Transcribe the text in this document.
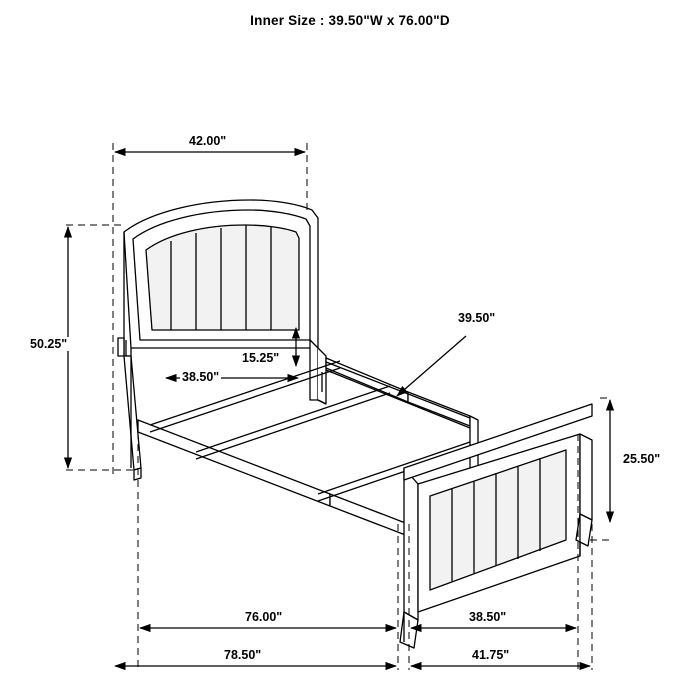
Inner Size : 39.50"W x 76.00"D
42.00"
50.25"
38.50"
15.25"
39.50"
25.50"
76.00"	38.50"
78.50"	41.75"
